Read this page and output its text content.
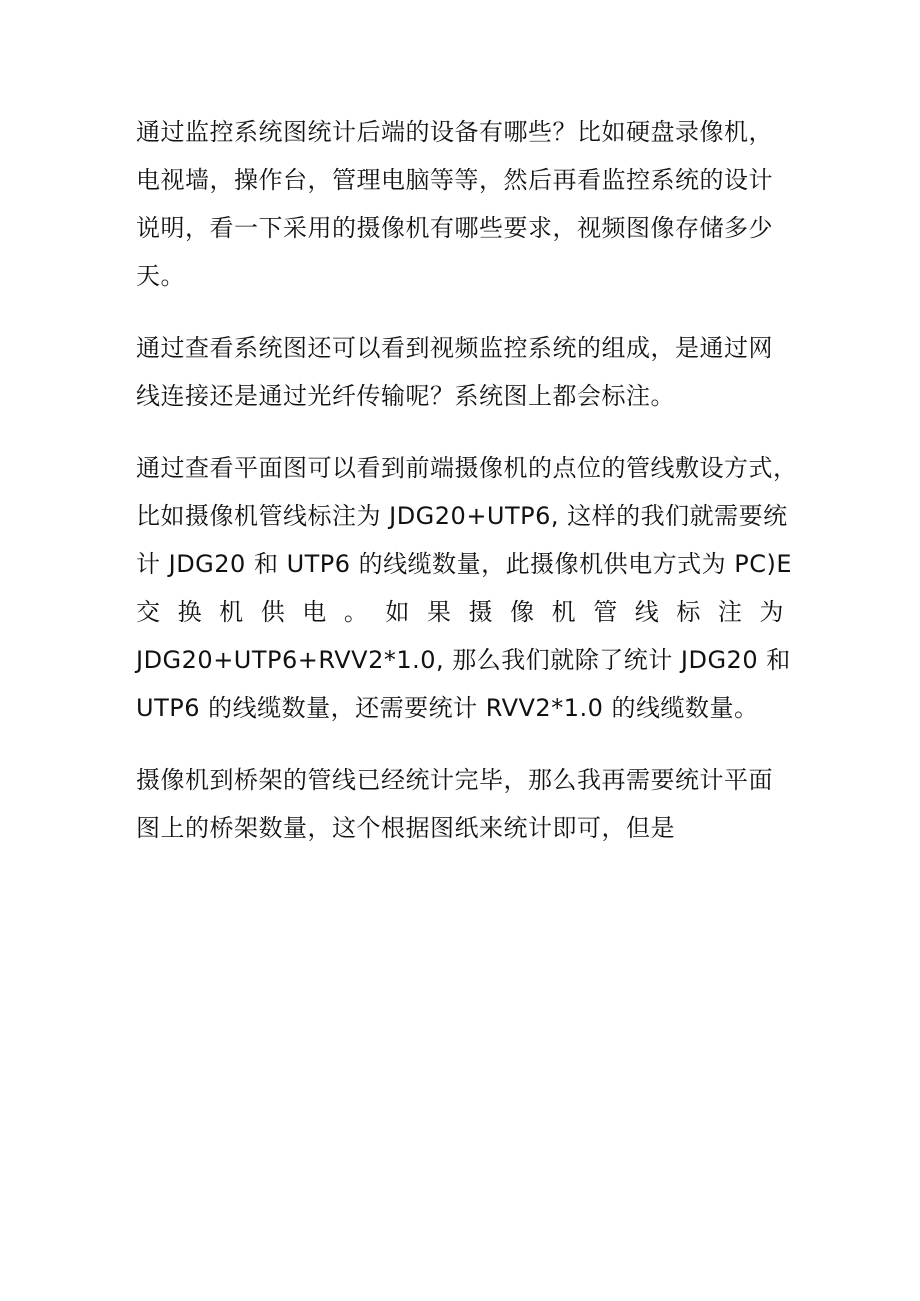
通过监控系统图统计后端的设备有哪些？比如硬盘录像机，
电视墙，操作台，管理电脑等等，然后再看监控系统的设计
说明，看一下采用的摄像机有哪些要求，视频图像存储多少
天。
通过查看系统图还可以看到视频监控系统的组成，是通过网
线连接还是通过光纤传输呢？系统图上都会标注。
通过查看平面图可以看到前端摄像机的点位的管线敷设方式，
比如摄像机管线标注为 JDG20+UTP6, 这样的我们就需要统
计 JDG20 和 UTP6 的线缆数量，此摄像机供电方式为 PC)E
交 换 机 供 电 。 如 果 摄 像 机 管 线 标 注 为
JDG20+UTP6+RVV2*1.0, 那么我们就除了统计 JDG20 和
UTP6 的线缆数量，还需要统计 RVV2*1.0 的线缆数量。
摄像机到桥架的管线已经统计完毕，那么我再需要统计平面
图上的桥架数量，这个根据图纸来统计即可，但是
